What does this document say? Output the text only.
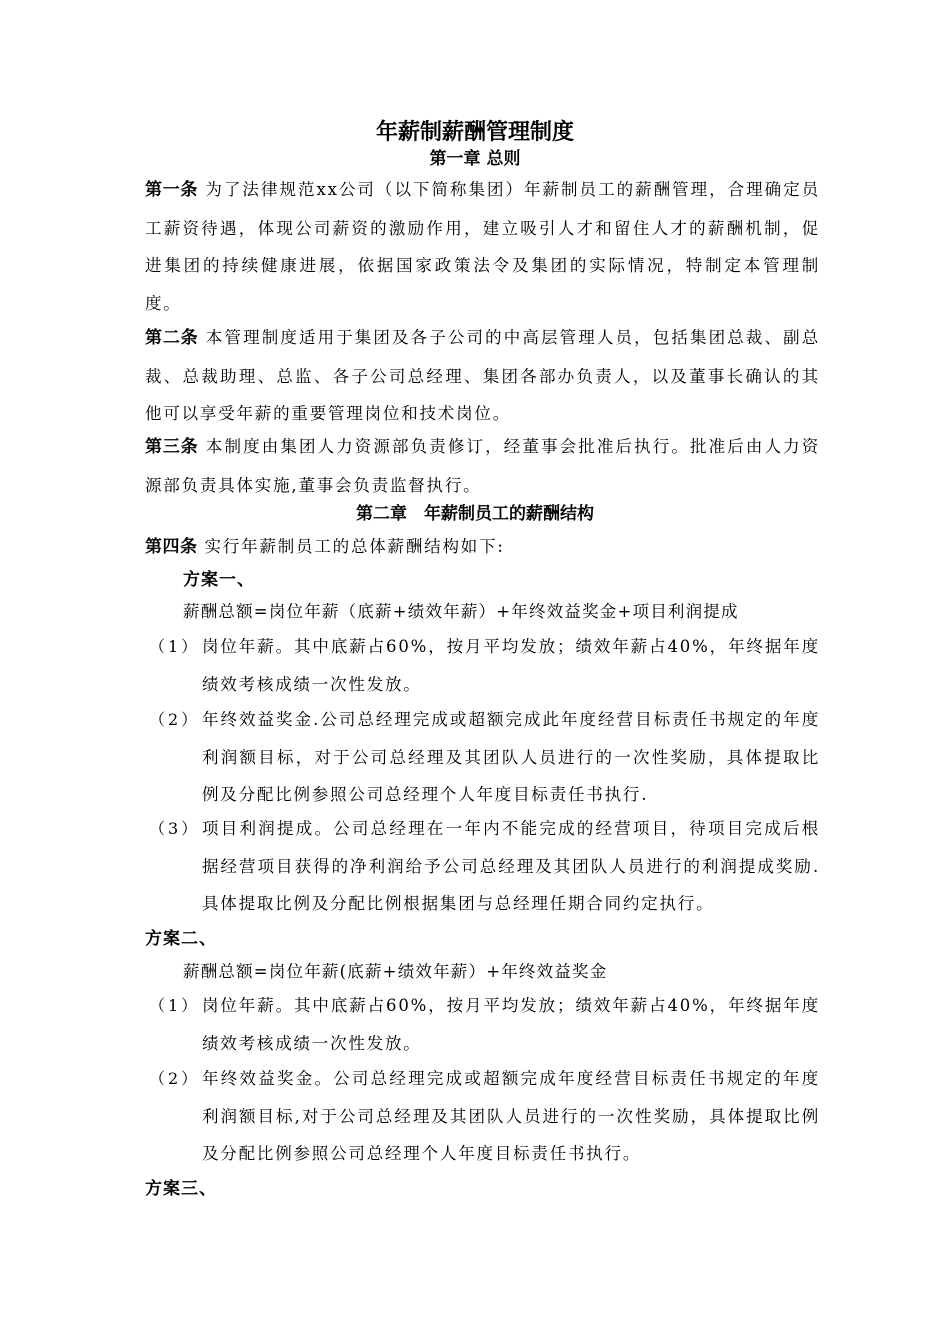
年薪制薪酬管理制度
第一章 总则
第一条 为了法律规范xx公司（以下简称集团）年薪制员工的薪酬管理，合理确定员工薪资待遇，体现公司薪资的激励作用，建立吸引人才和留住人才的薪酬机制，促进集团的持续健康进展，依据国家政策法令及集团的实际情况，特制定本管理制度。
第二条 本管理制度适用于集团及各子公司的中高层管理人员，包括集团总裁、副总裁、总裁助理、总监、各子公司总经理、集团各部办负责人，以及董事长确认的其他可以享受年薪的重要管理岗位和技术岗位。
第三条 本制度由集团人力资源部负责修订，经董事会批准后执行。批准后由人力资源部负责具体实施,董事会负责监督执行。
第二章　年薪制员工的薪酬结构
第四条 实行年薪制员工的总体薪酬结构如下:
方案一、
薪酬总额=岗位年薪（底薪+绩效年薪）+年终效益奖金+项目利润提成
（1） 岗位年薪。其中底薪占60%，按月平均发放；绩效年薪占40%，年终据年度绩效考核成绩一次性发放。
（2） 年终效益奖金.公司总经理完成或超额完成此年度经营目标责任书规定的年度利润额目标，对于公司总经理及其团队人员进行的一次性奖励，具体提取比例及分配比例参照公司总经理个人年度目标责任书执行.
（3） 项目利润提成。公司总经理在一年内不能完成的经营项目，待项目完成后根据经营项目获得的净利润给予公司总经理及其团队人员进行的利润提成奖励.具体提取比例及分配比例根据集团与总经理任期合同约定执行。
方案二、
薪酬总额=岗位年薪(底薪+绩效年薪）+年终效益奖金
（1） 岗位年薪。其中底薪占60%，按月平均发放；绩效年薪占40%，年终据年度绩效考核成绩一次性发放。
（2） 年终效益奖金。公司总经理完成或超额完成年度经营目标责任书规定的年度利润额目标,对于公司总经理及其团队人员进行的一次性奖励，具体提取比例及分配比例参照公司总经理个人年度目标责任书执行。
方案三、
